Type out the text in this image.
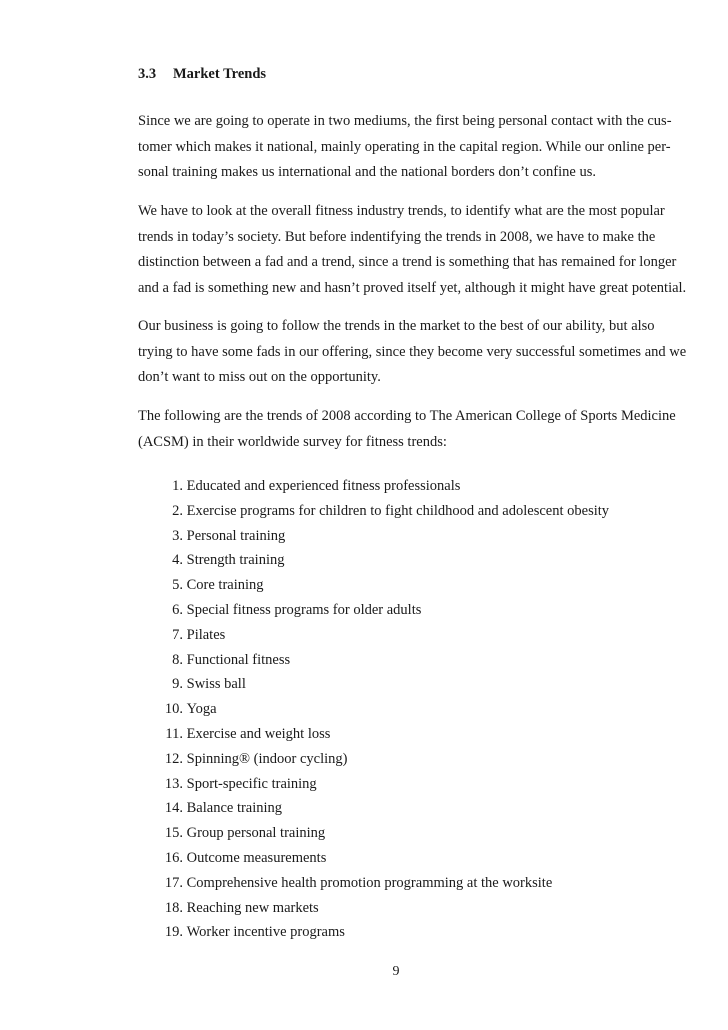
3.3 Market Trends

Since we are going to operate in two mediums, the first being personal contact with the cus-
tomer which makes it national, mainly operating in the capital region. While our online per-
sonal training makes us international and the national borders don’t confine us.

We have to look at the overall fitness industry trends, to identify what are the most popular
trends in today’s society. But before indentifying the trends in 2008, we have to make the
distinction between a fad and a trend, since a trend is something that has remained for longer
and a fad is something new and hasn’t proved itself yet, although it might have great potential.

Our business is going to follow the trends in the market to the best of our ability, but also
trying to have some fads in our offering, since they become very successful sometimes and we
don’t want to miss out on the opportunity.

The following are the trends of 2008 according to The American College of Sports Medicine
(ACSM) in their worldwide survey for fitness trends:

1. Educated and experienced fitness professionals
2. Exercise programs for children to fight childhood and adolescent obesity
3. Personal training
4. Strength training
5. Core training
6. Special fitness programs for older adults
7. Pilates
8. Functional fitness
9. Swiss ball
10. Yoga
11. Exercise and weight loss
12. Spinning® (indoor cycling)
13. Sport-specific training
14. Balance training
15. Group personal training
16. Outcome measurements
17. Comprehensive health promotion programming at the worksite
18. Reaching new markets
19. Worker incentive programs
9
